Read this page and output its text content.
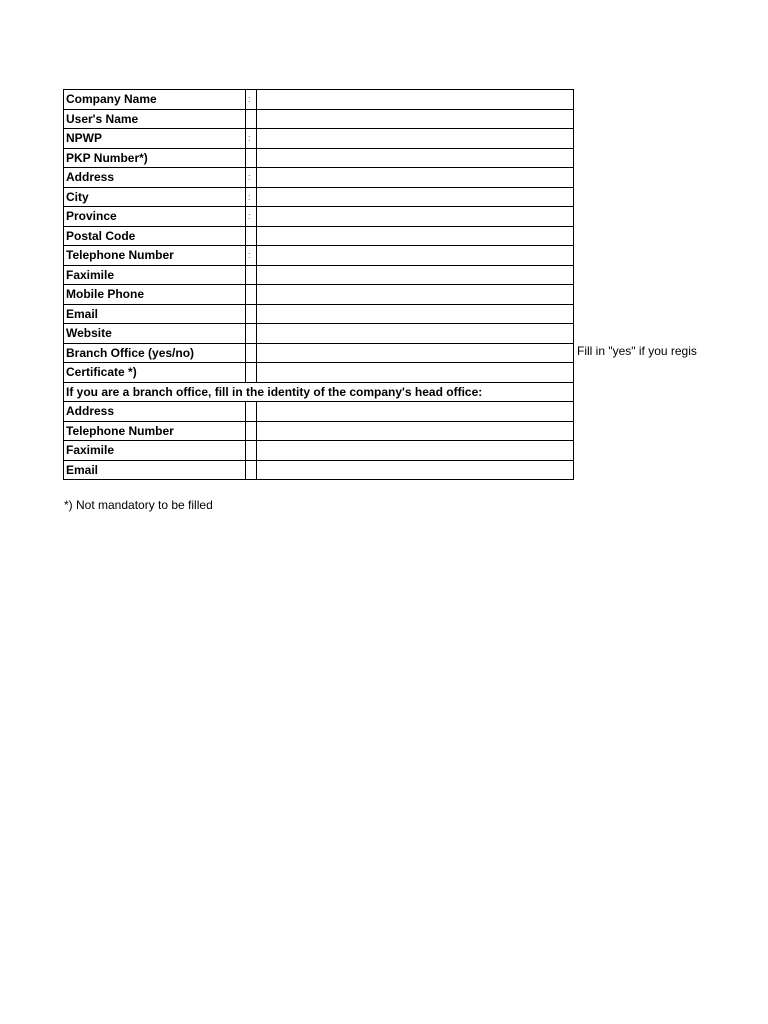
Company Name	:	
User's Name		
NPWP	:	
PKP Number*)		
Address	:	
City	:	
Province	:	
Postal Code		
Telephone Number	:	
Faximile		
Mobile Phone		
Email		
Website		
Branch Office (yes/no)		
Certificate *)		
If you are a branch office, fill in the identity of the company's head office:		
Address		
Telephone Number		
Faximile		
Email		
Fill in "yes" if you regis
*) Not mandatory to be filled
